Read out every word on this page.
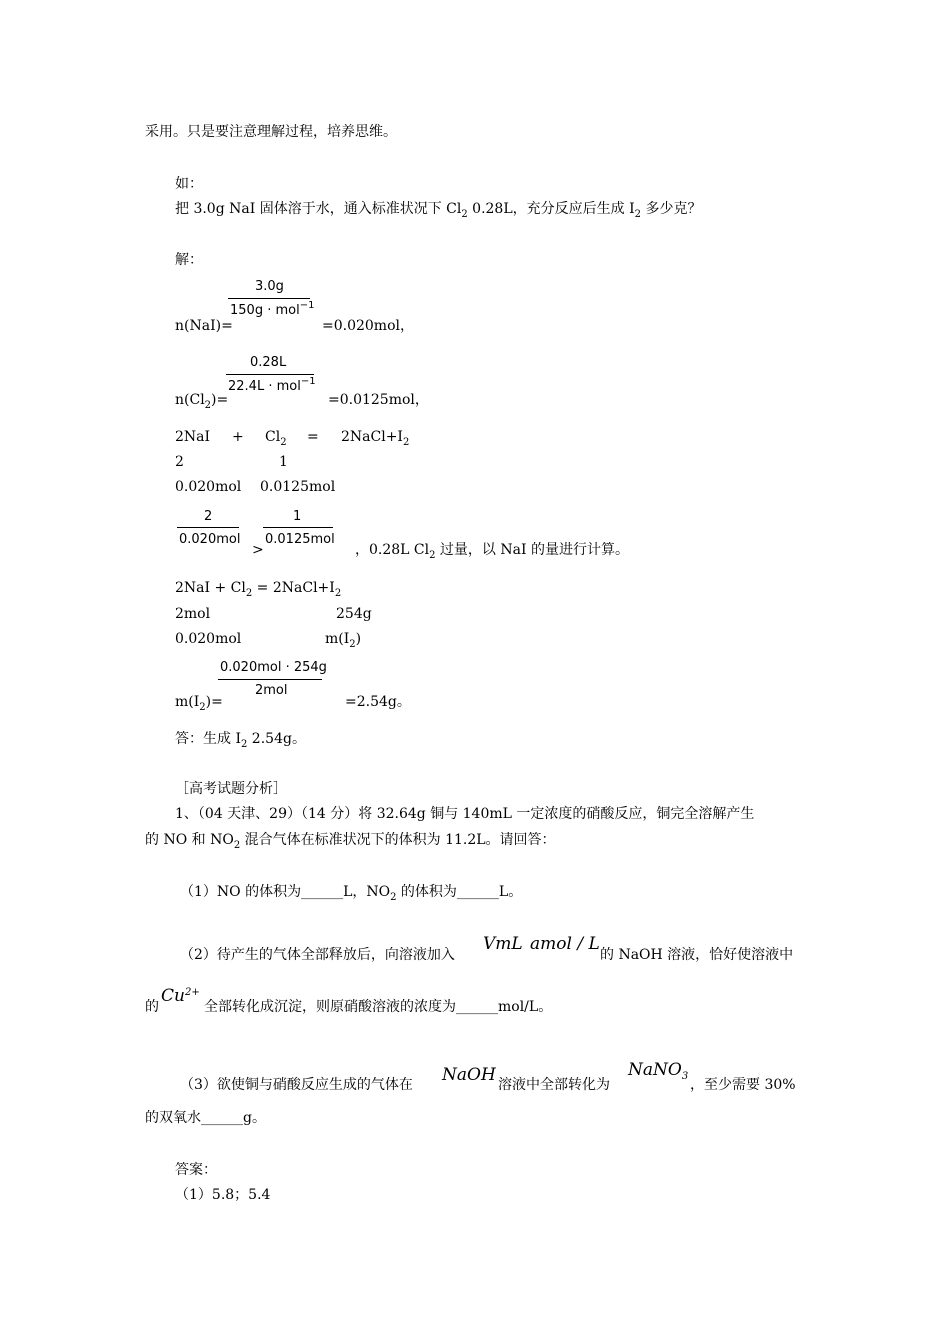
采用。只是要注意理解过程，培养思维。
如：
把 3.0g NaI 固体溶于水，通入标准状况下 $Cl_2$ 0.28L，充分反应后生成 $I_2$ 多少克？
解：
3.0g
150g · mol$^{-1}$
n(NaI)=	=0.020mol，
0.28L
22.4L · mol$^{-1}$
$n(Cl_2)=$	=0.0125mol，
$2NaI + Cl_2$ = $2NaCl+I_2$
2	1
0.020mol 0.0125mol
2
0.020mol
>
1
0.0125mol
，0.28L $Cl_2$ 过量，以 NaI 的量进行计算。
$2NaI + Cl_2$ = $2NaCl+I_2$
2mol	254g
0.020mol	$m(I_2)$
0.020mol · 254g
2mol
$m(I_2)=$	=2.54g。
答：生成 $I_2$ 2.54g。
［高考试题分析］
1、（04 天津、29）（14 分）将 32.64g 铜与 140mL 一定浓度的硝酸反应，铜完全溶解产生
的 NO 和 $NO_2$ 混合气体在标准状况下的体积为 11.2L。请回答：
（1）NO 的体积为______L，$NO_2$ 的体积为______L。
（2）待产生的气体全部释放后，向溶液加入
VmL amol / L
的 NaOH 溶液，恰好使溶液中
的
$Cu^{2+}$
全部转化成沉淀，则原硝酸溶液的浓度为______mol/L。
（3）欲使铜与硝酸反应生成的气体在 NaOH 溶液中全部转化为
NaNO$_3$
，至少需要 30%
的双氧水______g。
答案：
（1）5.8；5.4
